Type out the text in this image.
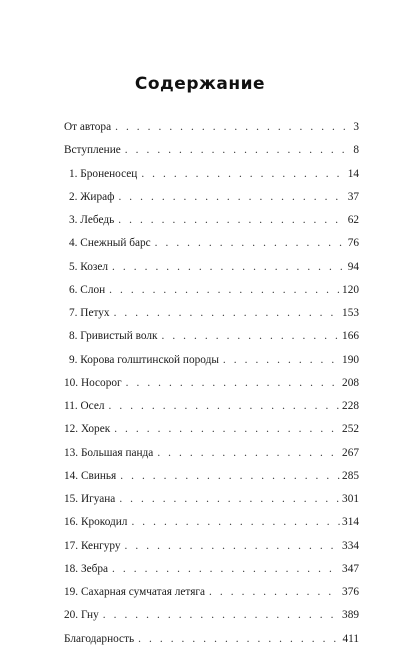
Содержание
От автора . . .	3
Вступление . . .	8
1. Броненосец . . .	14
2. Жираф . . .	37
3. Лебедь . . .	62
4. Снежный барс . . .	76
5. Козел . . .	94
6. Слон . . .	120
7. Петух . . .	153
8. Гривистый волк . . .	166
9. Корова голштинской породы . . .	190
10. Носорог . . .	208
11. Осел . . .	228
12. Хорек . . .	252
13. Большая панда . . .	267
14. Свинья . . .	285
15. Игуана . . .	301
16. Крокодил . . .	314
17. Кенгуру . . .	334
18. Зебра . . .	347
19. Сахарная сумчатая летяга . . .	376
20. Гну . . .	389
Благодарность . . .	411
